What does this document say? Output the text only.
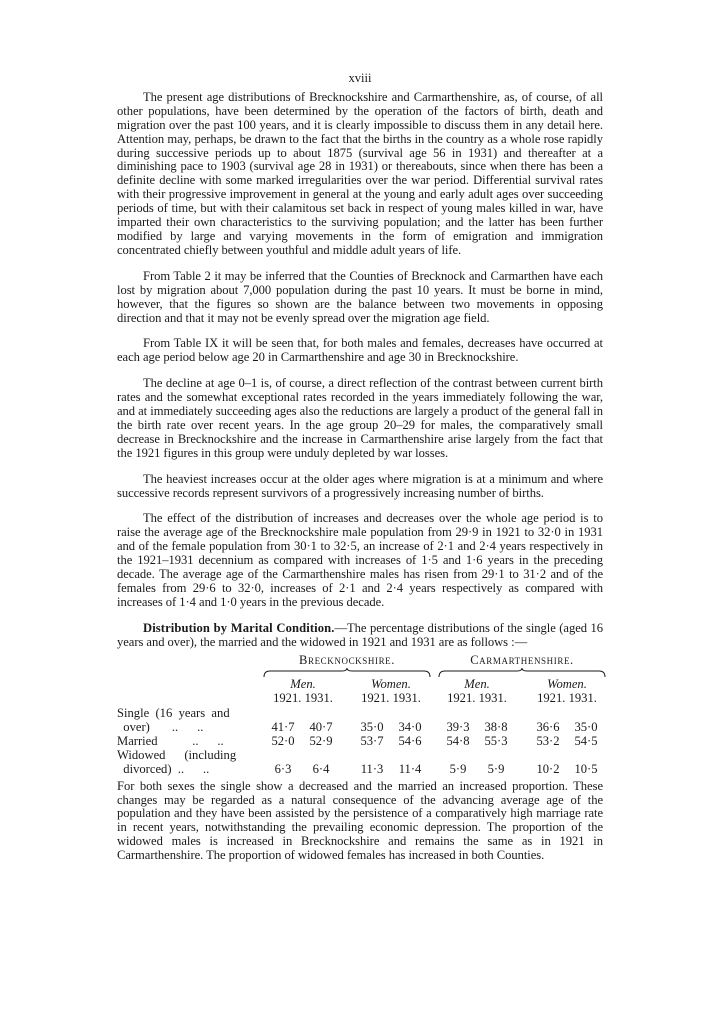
xviii

The present age distributions of Brecknockshire and Carmarthenshire, as, of course, of all other populations, have been determined by the operation of the factors of birth, death and migration over the past 100 years, and it is clearly impossible to discuss them in any detail here. Attention may, perhaps, be drawn to the fact that the births in the country as a whole rose rapidly during successive periods up to about 1875 (survival age 56 in 1931) and thereafter at a diminishing pace to 1903 (survival age 28 in 1931) or thereabouts, since when there has been a definite decline with some marked irregularities over the war period. Differential survival rates with their progressive improvement in general at the young and early adult ages over succeeding periods of time, but with their calamitous set back in respect of young males killed in war, have imparted their own characteristics to the surviving population; and the latter has been further modified by large and varying movements in the form of emigration and immigration concentrated chiefly between youthful and middle adult years of life.

From Table 2 it may be inferred that the Counties of Brecknock and Carmarthen have each lost by migration about 7,000 population during the past 10 years. It must be borne in mind, however, that the figures so shown are the balance between two movements in opposing direction and that it may not be evenly spread over the migration age field.

From Table IX it will be seen that, for both males and females, decreases have occurred at each age period below age 20 in Carmarthenshire and age 30 in Brecknockshire.

The decline at age 0–1 is, of course, a direct reflection of the contrast between current birth rates and the somewhat exceptional rates recorded in the years immediately following the war, and at immediately succeeding ages also the reductions are largely a product of the general fall in the birth rate over recent years. In the age group 20–29 for males, the comparatively small decrease in Brecknockshire and the increase in Carmarthenshire arise largely from the fact that the 1921 figures in this group were unduly depleted by war losses.

The heaviest increases occur at the older ages where migration is at a minimum and where successive records represent survivors of a progressively increasing number of births.

The effect of the distribution of increases and decreases over the whole age period is to raise the average age of the Brecknockshire male population from 29·9 in 1921 to 32·0 in 1931 and of the female population from 30·1 to 32·5, an increase of 2·1 and 2·4 years respectively in the 1921–1931 decennium as compared with increases of 1·5 and 1·6 years in the preceding decade. The average age of the Carmarthenshire males has risen from 29·1 to 31·2 and of the females from 29·6 to 32·0, increases of 2·1 and 2·4 years respectively as compared with increases of 1·4 and 1·0 years in the previous decade.

Distribution by Marital Condition.—The percentage distributions of the single (aged 16 years and over), the married and the widowed in 1921 and 1931 are as follows :—

Brecknockshire.	Carmarthenshire.
Men.	Women.	Men.	Women.
1921. 1931.	1921. 1931.	1921. 1931.	1921. 1931.
Single  (16  years  and
over)       ..      ..	41·7	40·7	35·0	34·0	39·3	38·8	36·6	35·0
Married           ..      ..	52·0	52·9	53·7	54·6	54·8	55·3	53·2	54·5
Widowed      (including
divorced)  ..      ..	6·3	6·4	11·3	11·4	5·9	5·9	10·2	10·5

For both sexes the single show a decreased and the married an increased proportion. These changes may be regarded as a natural consequence of the advancing average age of the population and they have been assisted by the persistence of a comparatively high marriage rate in recent years, notwithstanding the prevailing economic depression. The proportion of the widowed males is increased in Brecknockshire and remains the same as in 1921 in Carmarthenshire. The proportion of widowed females has increased in both Counties.
